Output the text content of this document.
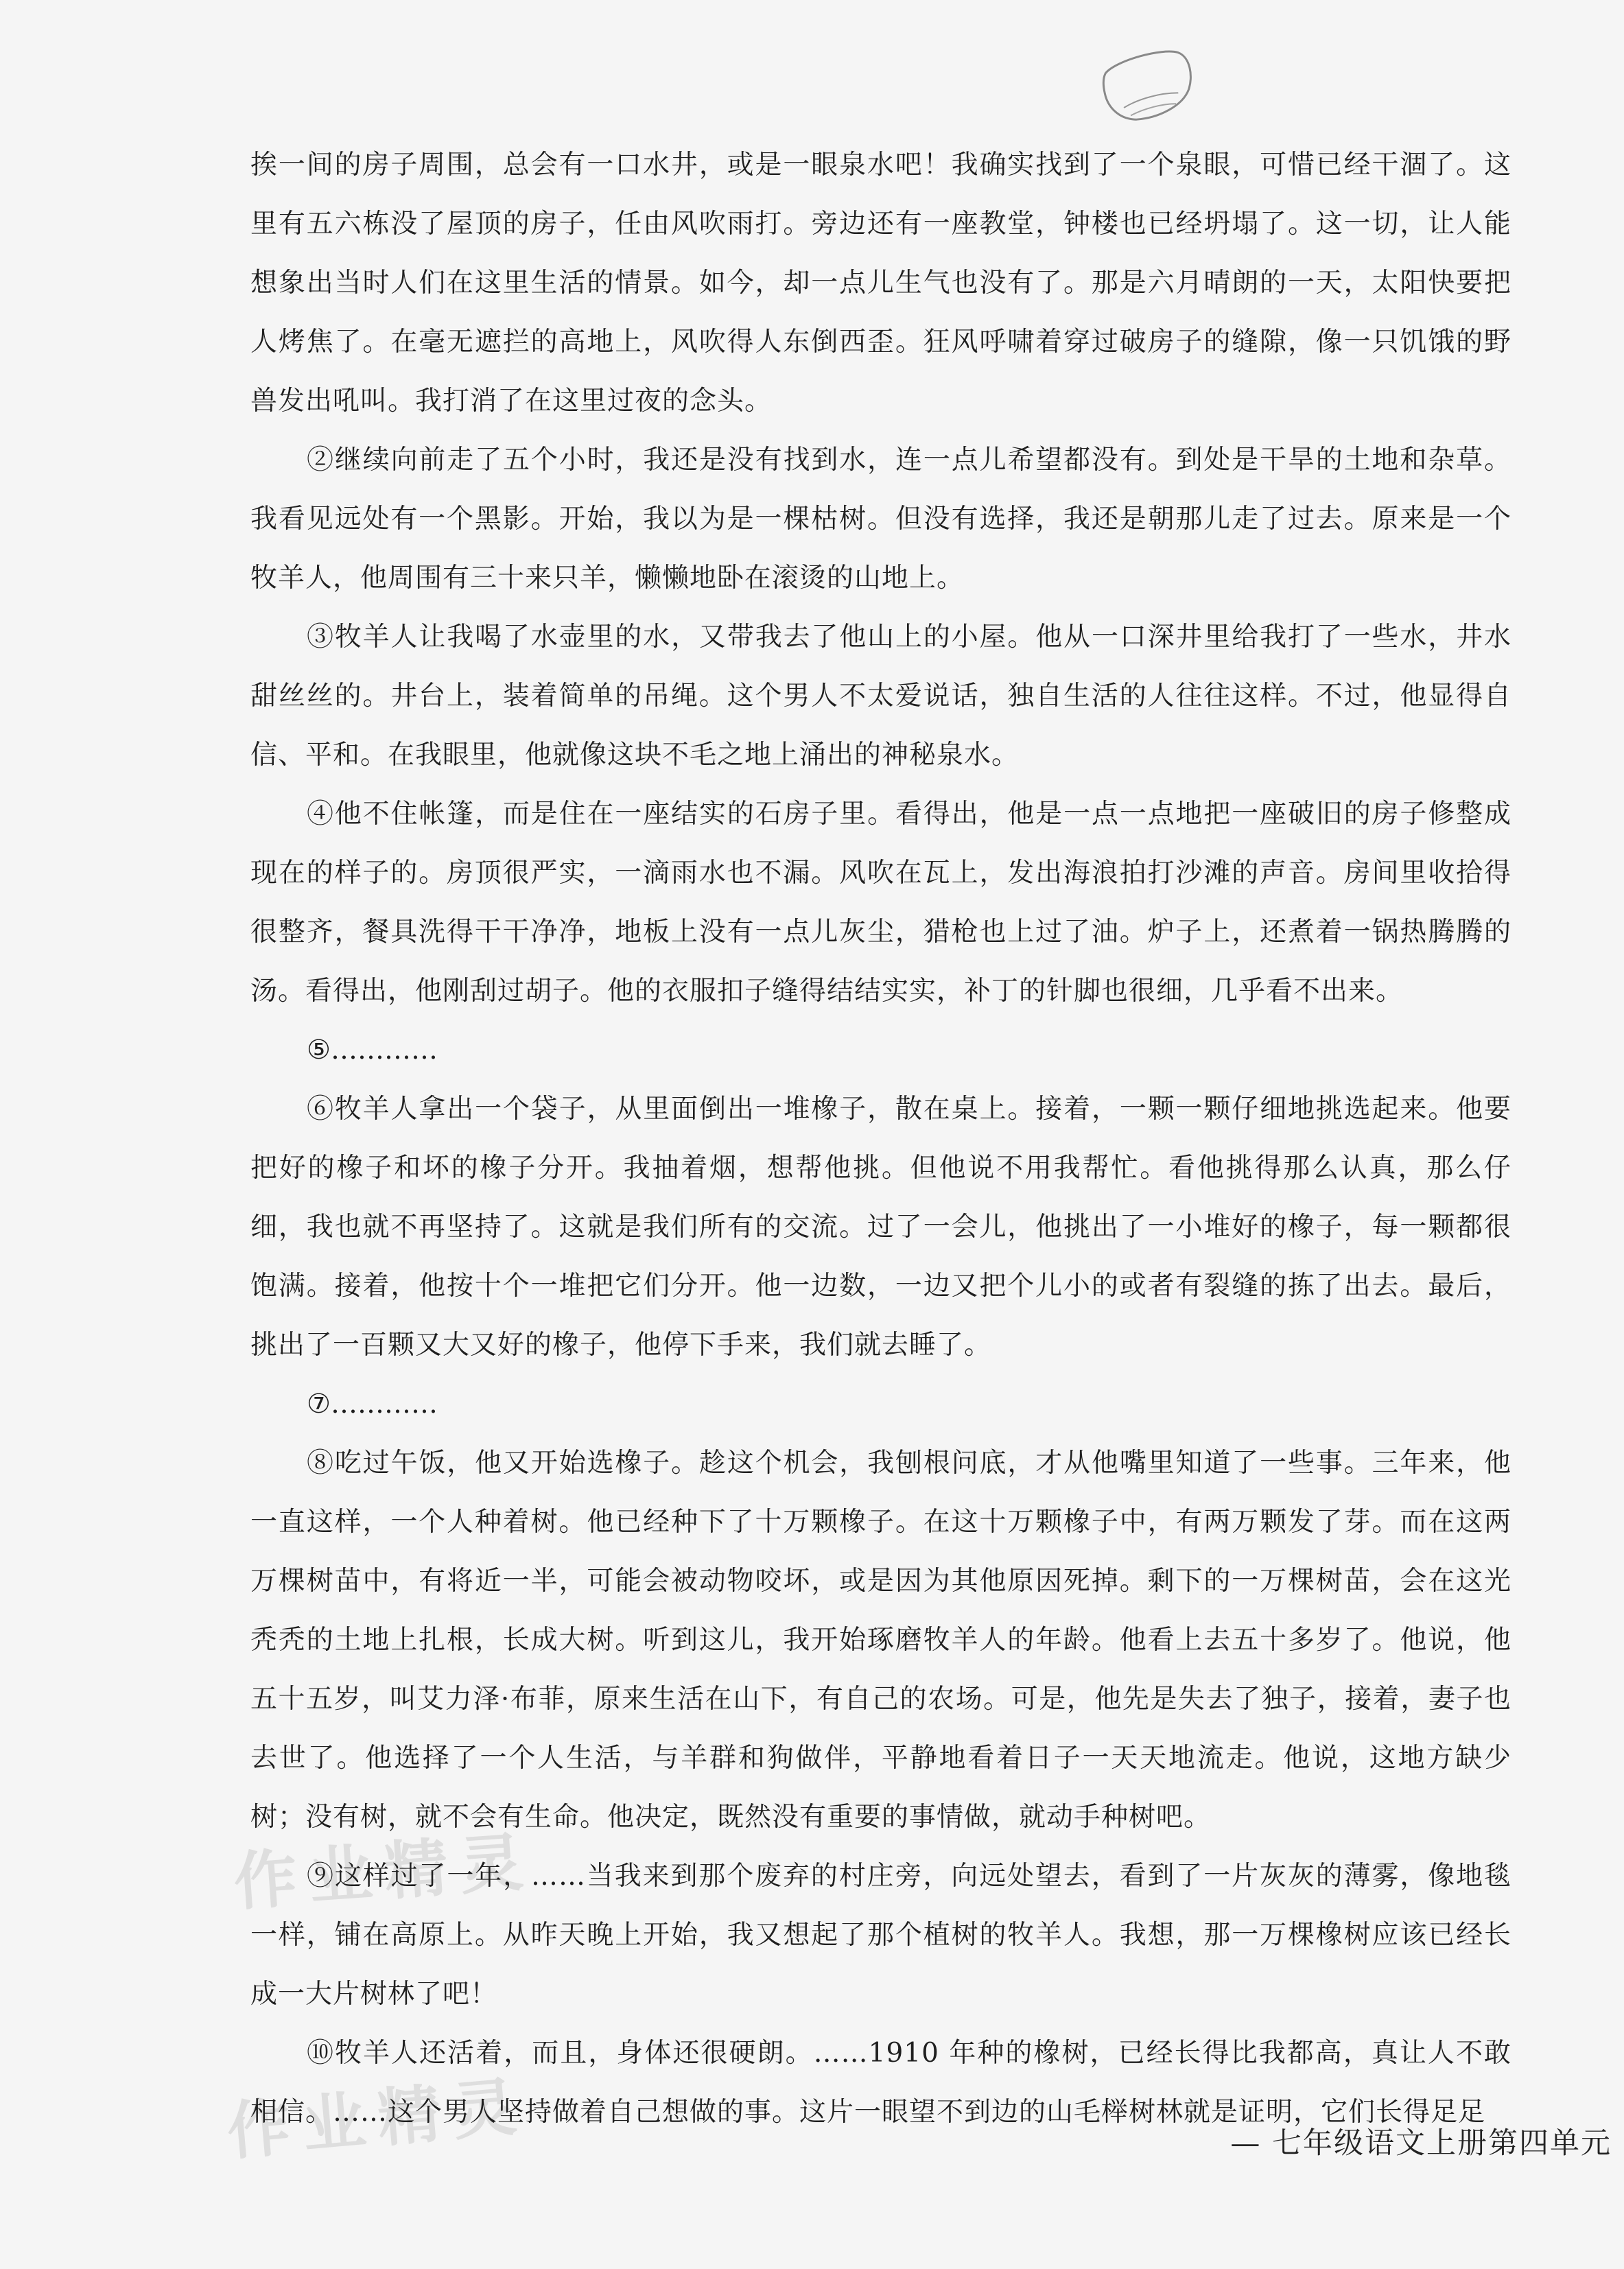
作业精灵
作业精灵

挨一间的房子周围，总会有一口水井，或是一眼泉水吧！我确实找到了一个泉眼，可惜已经干涸了。这里有五六栋没了屋顶的房子，任由风吹雨打。旁边还有一座教堂，钟楼也已经坍塌了。这一切，让人能想象出当时人们在这里生活的情景。如今，却一点儿生气也没有了。那是六月晴朗的一天，太阳快要把人烤焦了。在毫无遮拦的高地上，风吹得人东倒西歪。狂风呼啸着穿过破房子的缝隙，像一只饥饿的野兽发出吼叫。我打消了在这里过夜的念头。

②继续向前走了五个小时，我还是没有找到水，连一点儿希望都没有。到处是干旱的土地和杂草。我看见远处有一个黑影。开始，我以为是一棵枯树。但没有选择，我还是朝那儿走了过去。原来是一个牧羊人，他周围有三十来只羊，懒懒地卧在滚烫的山地上。

③牧羊人让我喝了水壶里的水，又带我去了他山上的小屋。他从一口深井里给我打了一些水，井水甜丝丝的。井台上，装着简单的吊绳。这个男人不太爱说话，独自生活的人往往这样。不过，他显得自信、平和。在我眼里，他就像这块不毛之地上涌出的神秘泉水。

④他不住帐篷，而是住在一座结实的石房子里。看得出，他是一点一点地把一座破旧的房子修整成现在的样子的。房顶很严实，一滴雨水也不漏。风吹在瓦上，发出海浪拍打沙滩的声音。房间里收拾得很整齐，餐具洗得干干净净，地板上没有一点儿灰尘，猎枪也上过了油。炉子上，还煮着一锅热腾腾的汤。看得出，他刚刮过胡子。他的衣服扣子缝得结结实实，补丁的针脚也很细，几乎看不出来。

⑤…………

⑥牧羊人拿出一个袋子，从里面倒出一堆橡子，散在桌上。接着，一颗一颗仔细地挑选起来。他要把好的橡子和坏的橡子分开。我抽着烟，想帮他挑。但他说不用我帮忙。看他挑得那么认真，那么仔细，我也就不再坚持了。这就是我们所有的交流。过了一会儿，他挑出了一小堆好的橡子，每一颗都很饱满。接着，他按十个一堆把它们分开。他一边数，一边又把个儿小的或者有裂缝的拣了出去。最后，挑出了一百颗又大又好的橡子，他停下手来，我们就去睡了。

⑦…………

⑧吃过午饭，他又开始选橡子。趁这个机会，我刨根问底，才从他嘴里知道了一些事。三年来，他一直这样，一个人种着树。他已经种下了十万颗橡子。在这十万颗橡子中，有两万颗发了芽。而在这两万棵树苗中，有将近一半，可能会被动物咬坏，或是因为其他原因死掉。剩下的一万棵树苗，会在这光秃秃的土地上扎根，长成大树。听到这儿，我开始琢磨牧羊人的年龄。他看上去五十多岁了。他说，他五十五岁，叫艾力泽·布菲，原来生活在山下，有自己的农场。可是，他先是失去了独子，接着，妻子也去世了。他选择了一个人生活，与羊群和狗做伴，平静地看着日子一天天地流走。他说，这地方缺少树；没有树，就不会有生命。他决定，既然没有重要的事情做，就动手种树吧。

⑨这样过了一年，……当我来到那个废弃的村庄旁，向远处望去，看到了一片灰灰的薄雾，像地毯一样，铺在高原上。从昨天晚上开始，我又想起了那个植树的牧羊人。我想，那一万棵橡树应该已经长成一大片树林了吧！

⑩牧羊人还活着，而且，身体还很硬朗。……1910 年种的橡树，已经长得比我都高，真让人不敢相信。……这个男人坚持做着自己想做的事。这片一眼望不到边的山毛榉树林就是证明，它们长得足足

— 七年级语文上册第四单元
